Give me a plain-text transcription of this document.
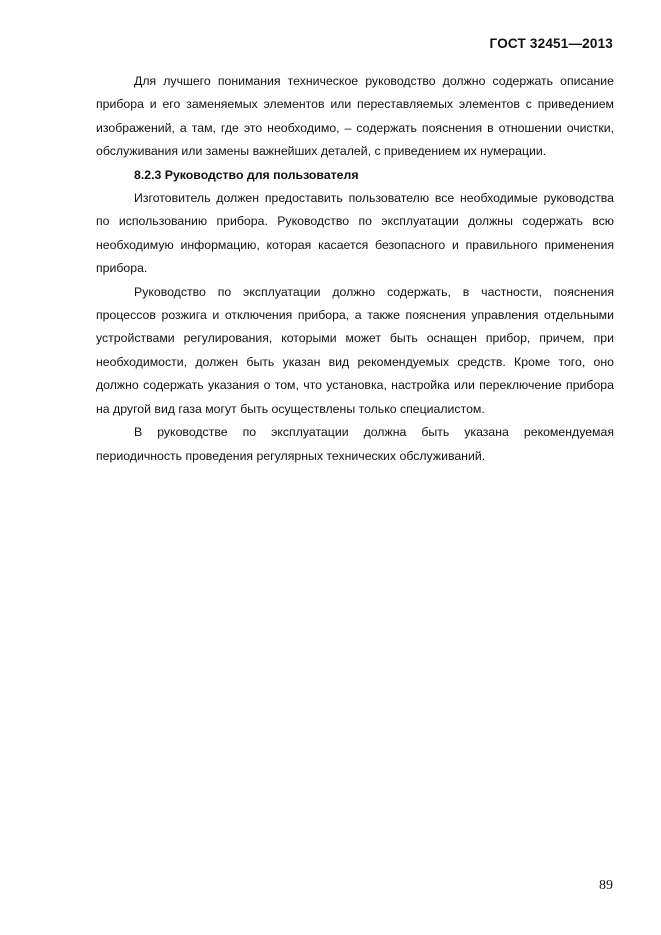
ГОСТ 32451—2013

Для лучшего понимания техническое руководство должно содержать описание прибора и его заменяемых элементов или переставляемых элементов с приведением изображений, а там, где это необходимо, – содержать пояснения в отношении очистки, обслуживания или замены важнейших деталей, с приведением их нумерации.

8.2.3 Руководство для пользователя

Изготовитель должен предоставить пользователю все необходимые руководства по использованию прибора. Руководство по эксплуатации должны содержать всю необходимую информацию, которая касается безопасного и правильного применения прибора.

Руководство по эксплуатации должно содержать, в частности, пояснения процессов розжига и отключения прибора, а также пояснения управления отдельными устройствами регулирования, которыми может быть оснащен прибор, причем, при необходимости, должен быть указан вид рекомендуемых средств. Кроме того, оно должно содержать указания о том, что установка, настройка или переключение прибора на другой вид газа могут быть осуществлены только специалистом.

В руководстве по эксплуатации должна быть указана рекомендуемая периодичность проведения регулярных технических обслуживаний.

89
